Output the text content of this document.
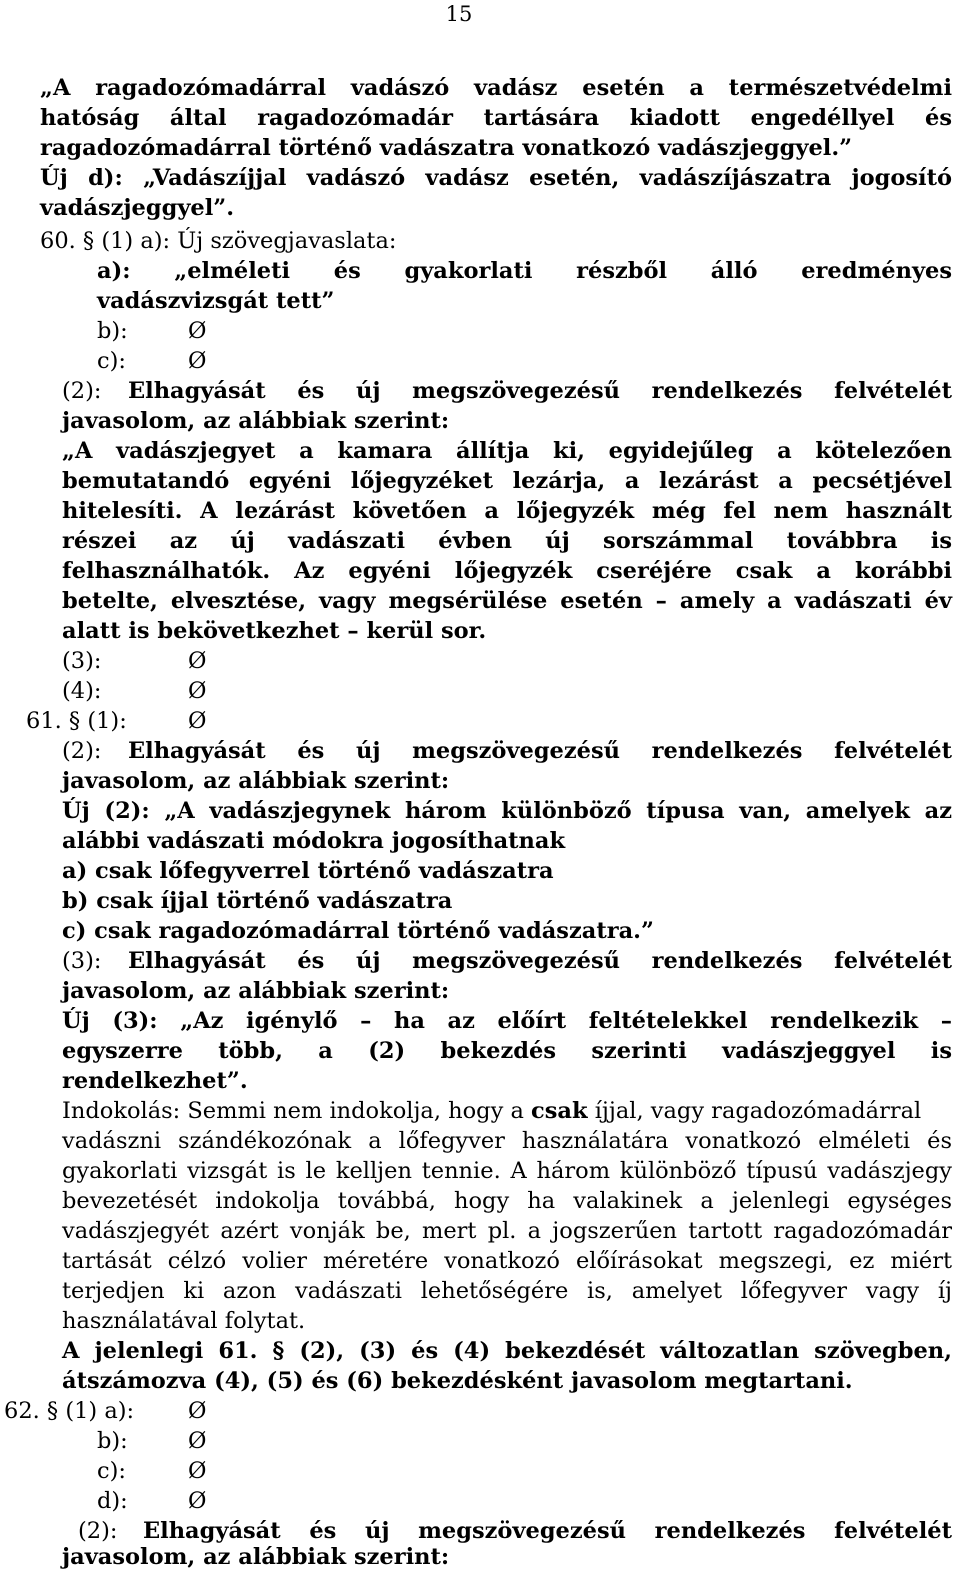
15
„A ragadozómadárral vadászó vadász esetén a természetvédelmi
hatóság által ragadozómadár tartására kiadott engedéllyel és
ragadozómadárral történő vadászatra vonatkozó vadászjeggyel.”
Új d): „Vadászíjjal vadászó vadász esetén, vadászíjászatra jogosító
vadászjeggyel”.
60. § (1) a): Új szövegjavaslata:
a): „elméleti és gyakorlati részből álló eredményes
vadászvizsgát tett”
b):	Ø
c):	Ø
(2): Elhagyását és új megszövegezésű rendelkezés felvételét
javasolom, az alábbiak szerint:
„A vadászjegyet a kamara állítja ki, egyidejűleg a kötelezően
bemutatandó egyéni lőjegyzéket lezárja, a lezárást a pecsétjével
hitelesíti. A lezárást követően a lőjegyzék még fel nem használt
részei az új vadászati évben új sorszámmal továbbra is
felhasználhatók. Az egyéni lőjegyzék cseréjére csak a korábbi
betelte, elvesztése, vagy megsérülése esetén – amely a vadászati év
alatt is bekövetkezhet – kerül sor.
(3):	Ø
(4):	Ø
61. § (1):	Ø
(2): Elhagyását és új megszövegezésű rendelkezés felvételét
javasolom, az alábbiak szerint:
Új (2): „A vadászjegynek három különböző típusa van, amelyek az
alábbi vadászati módokra jogosíthatnak
a) csak lőfegyverrel történő vadászatra
b) csak íjjal történő vadászatra
c) csak ragadozómadárral történő vadászatra.”
(3): Elhagyását és új megszövegezésű rendelkezés felvételét
javasolom, az alábbiak szerint:
Új (3): „Az igénylő – ha az előírt feltételekkel rendelkezik –
egyszerre több, a (2) bekezdés szerinti vadászjeggyel is
rendelkezhet”.
Indokolás: Semmi nem indokolja, hogy a csak íjjal, vagy ragadozómadárral
vadászni szándékozónak a lőfegyver használatára vonatkozó elméleti és
gyakorlati vizsgát is le kelljen tennie. A három különböző típusú vadászjegy
bevezetését indokolja továbbá, hogy ha valakinek a jelenlegi egységes
vadászjegyét azért vonják be, mert pl. a jogszerűen tartott ragadozómadár
tartását célzó volier méretére vonatkozó előírásokat megszegi, ez miért
terjedjen ki azon vadászati lehetőségére is, amelyet lőfegyver vagy íj
használatával folytat.
A jelenlegi 61. § (2), (3) és (4) bekezdését változatlan szövegben,
átszámozva (4), (5) és (6) bekezdésként javasolom megtartani.
62. § (1) a): Ø
b):	Ø
c):	Ø
d):	Ø
(2): Elhagyását és új megszövegezésű rendelkezés felvételét
javasolom, az alábbiak szerint:
